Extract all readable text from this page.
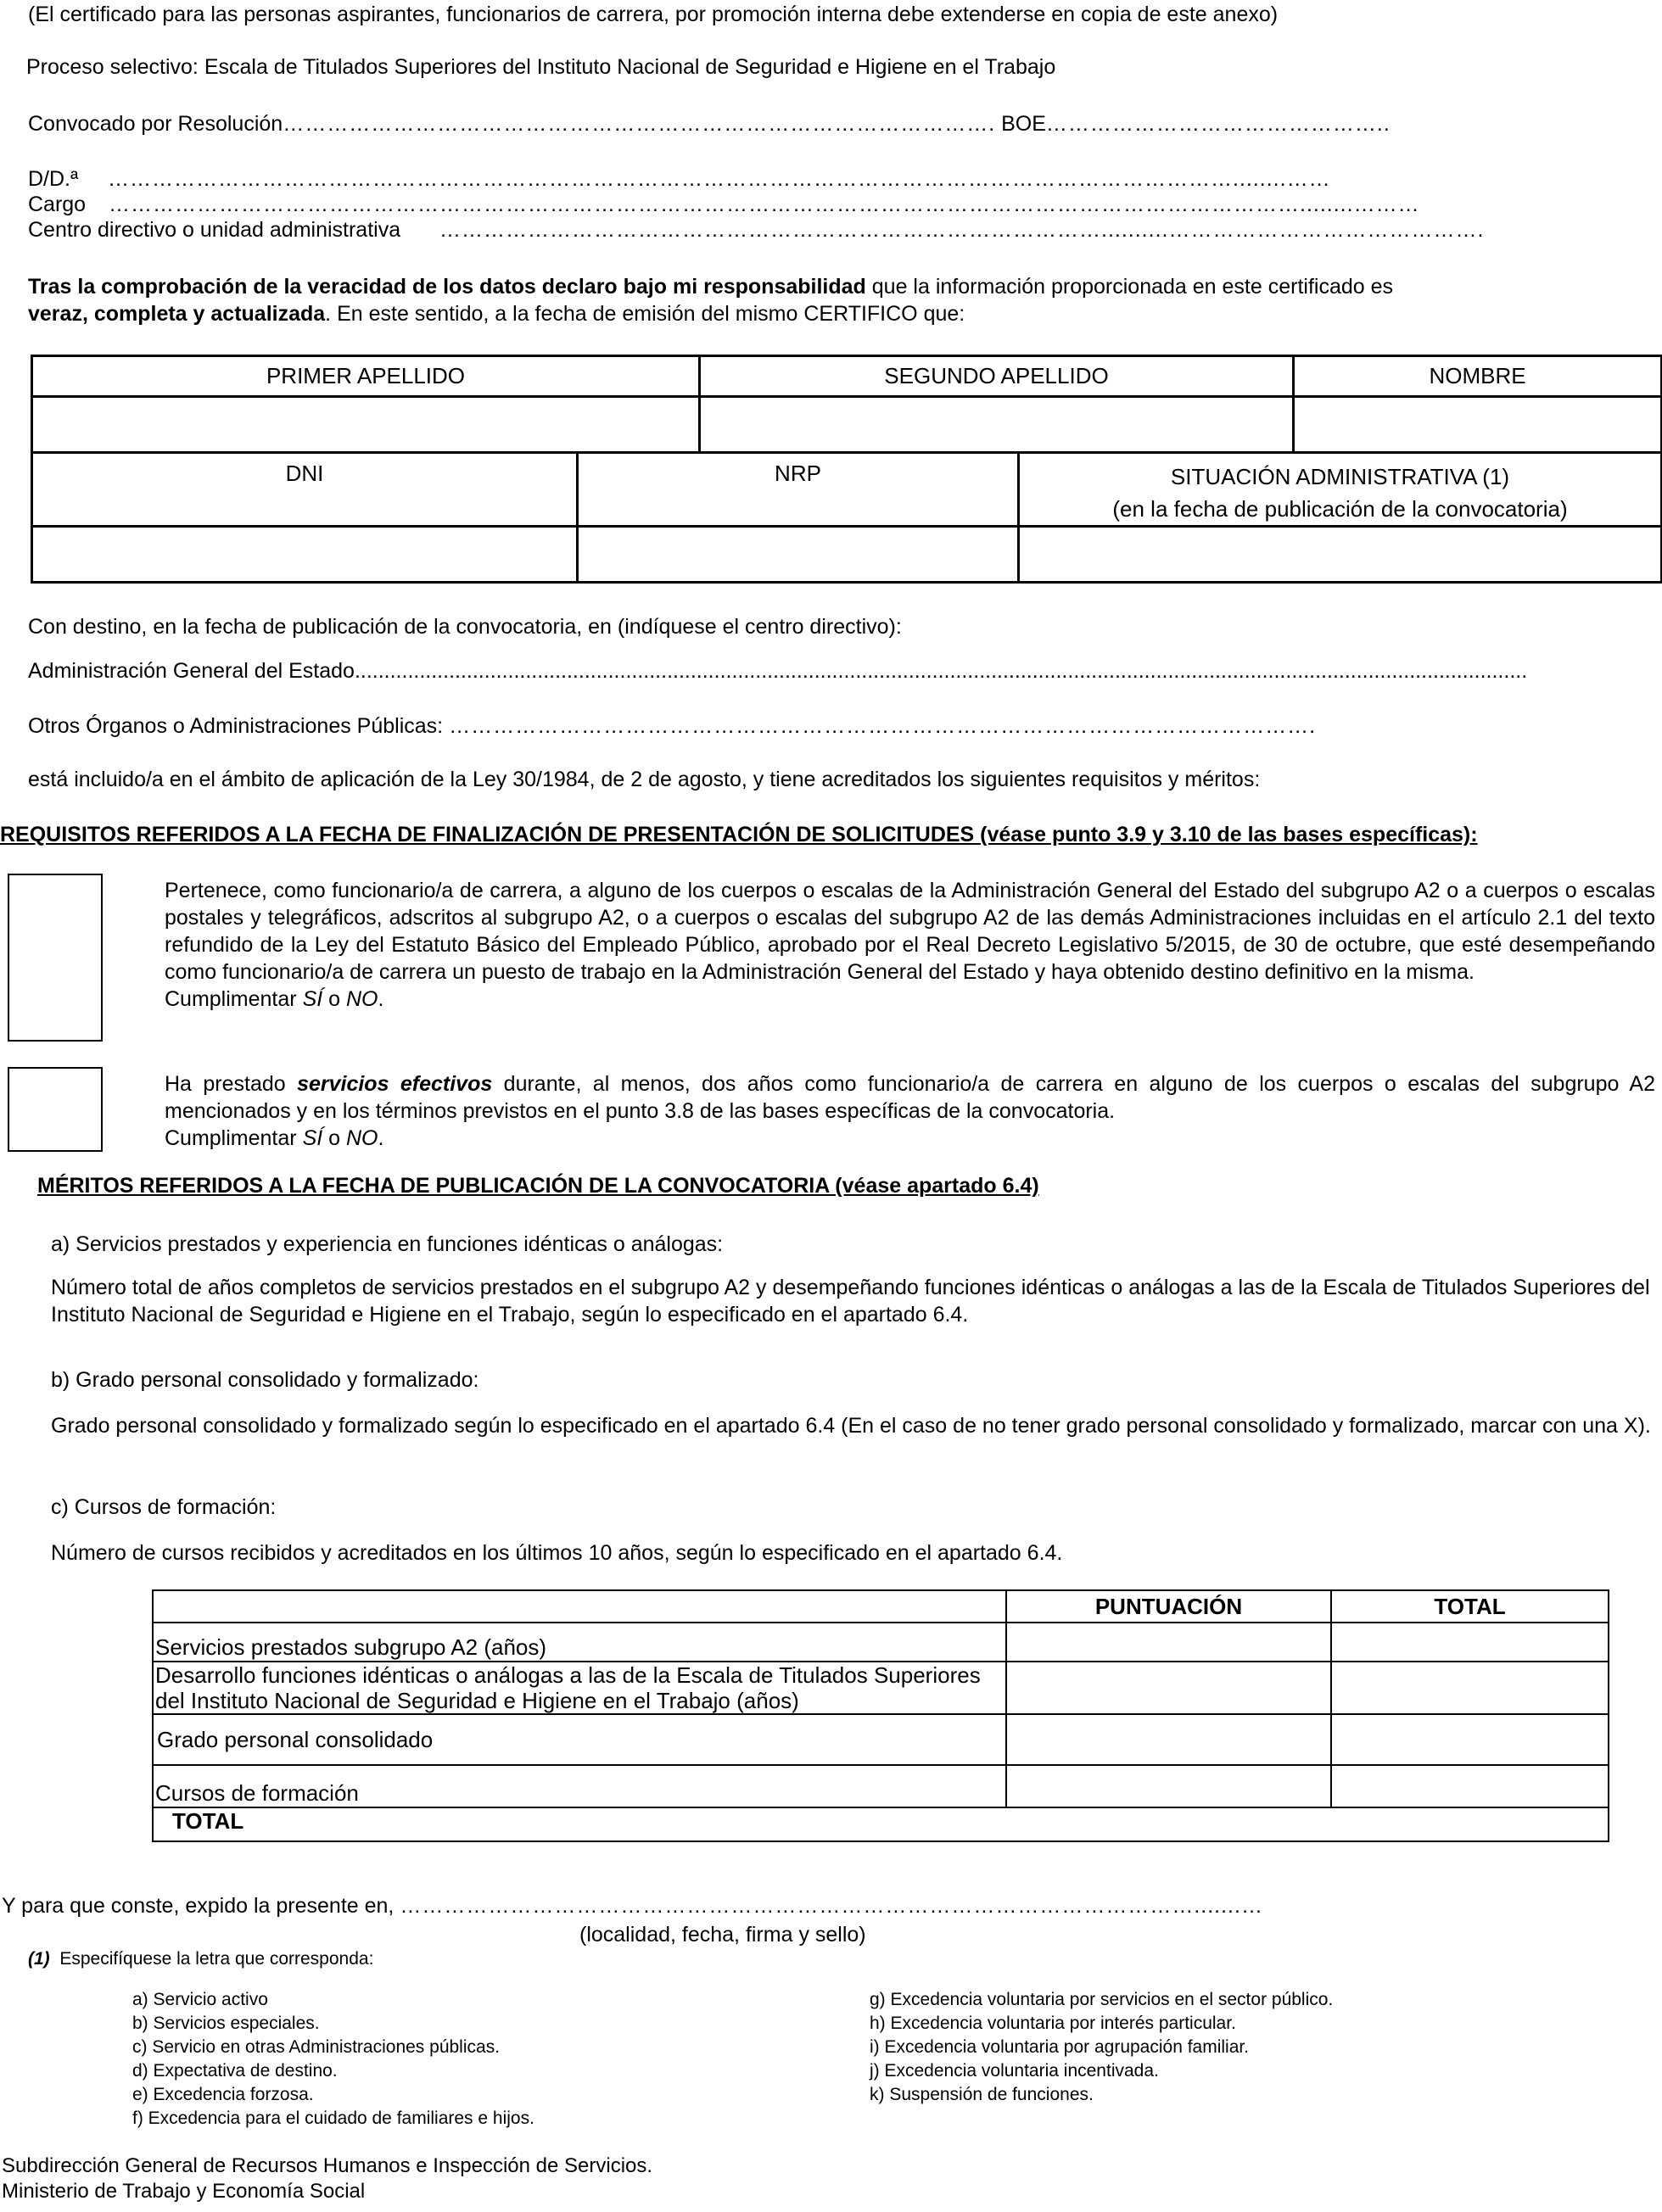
(El certificado para las personas aspirantes, funcionarios de carrera, por promoción interna debe extenderse en copia de este anexo)
Proceso selectivo: Escala de Titulados Superiores del Instituto Nacional de Seguridad e Higiene en el Trabajo
Convocado por Resolución……………………………………………………………………………………. BOE………………………………………..
D/D.ª ………………………………………………………………………………………………………………………………………........……
Cargo ………………………………………………………………………………………………………………………………………………........………
Centro directivo o unidad administrativa ………………………………………………………………………………..........…………………………………….
Tras la comprobación de la veracidad de los datos declaro bajo mi responsabilidad que la información proporcionada en este certificado es veraz, completa y actualizada. En este sentido, a la fecha de emisión del mismo CERTIFICO que:
PRIMER APELLIDO	SEGUNDO APELLIDO	NOMBRE

DNI	NRP	SITUACIÓN ADMINISTRATIVA (1)
(en la fecha de publicación de la convocatoria)

Con destino, en la fecha de publicación de la convocatoria, en (indíquese el centro directivo):
Administración General del Estado.......................................................................................................................................................................................................
Otros Órganos o Administraciones Públicas: ……………………………………………………………………………………………………….
está incluido/a en el ámbito de aplicación de la Ley 30/1984, de 2 de agosto, y tiene acreditados los siguientes requisitos y méritos:
REQUISITOS REFERIDOS A LA FECHA DE FINALIZACIÓN DE PRESENTACIÓN DE SOLICITUDES (véase punto 3.9 y 3.10 de las bases específicas):
Pertenece, como funcionario/a de carrera, a alguno de los cuerpos o escalas de la Administración General del Estado del subgrupo A2 o a cuerpos o escalas postales y telegráficos, adscritos al subgrupo A2, o a cuerpos o escalas del subgrupo A2 de las demás Administraciones incluidas en el artículo 2.1 del texto refundido de la Ley del Estatuto Básico del Empleado Público, aprobado por el Real Decreto Legislativo 5/2015, de 30 de octubre, que esté desempeñando como funcionario/a de carrera un puesto de trabajo en la Administración General del Estado y haya obtenido destino definitivo en la misma.
Cumplimentar SÍ o NO.
Ha prestado servicios efectivos durante, al menos, dos años como funcionario/a de carrera en alguno de los cuerpos o escalas del subgrupo A2 mencionados y en los términos previstos en el punto 3.8 de las bases específicas de la convocatoria.
Cumplimentar SÍ o NO.
MÉRITOS REFERIDOS A LA FECHA DE PUBLICACIÓN DE LA CONVOCATORIA (véase apartado 6.4)
a) Servicios prestados y experiencia en funciones idénticas o análogas:
Número total de años completos de servicios prestados en el subgrupo A2 y desempeñando funciones idénticas o análogas a las de la Escala de Titulados Superiores del Instituto Nacional de Seguridad e Higiene en el Trabajo, según lo especificado en el apartado 6.4.
b) Grado personal consolidado y formalizado:
Grado personal consolidado y formalizado según lo especificado en el apartado 6.4 (En el caso de no tener grado personal consolidado y formalizado, marcar con una X).
c) Cursos de formación:
Número de cursos recibidos y acreditados en los últimos 10 años, según lo especificado en el apartado 6.4.
	PUNTUACIÓN	TOTAL
Servicios prestados subgrupo A2 (años)		
Desarrollo funciones idénticas o análogas a las de la Escala de Titulados Superiores del Instituto Nacional de Seguridad e Higiene en el Trabajo (años)		
Grado personal consolidado		
Cursos de formación		
TOTAL		
Y para que conste, expido la presente en, ……………………………………………………………………………………………….......…
(localidad, fecha, firma y sello)
(1) Especifíquese la letra que corresponda:
a) Servicio activo
b) Servicios especiales.
c) Servicio en otras Administraciones públicas.
d) Expectativa de destino.
e) Excedencia forzosa.
f) Excedencia para el cuidado de familiares e hijos.
g) Excedencia voluntaria por servicios en el sector público.
h) Excedencia voluntaria por interés particular.
i) Excedencia voluntaria por agrupación familiar.
j) Excedencia voluntaria incentivada.
k) Suspensión de funciones.
Subdirección General de Recursos Humanos e Inspección de Servicios.
Ministerio de Trabajo y Economía Social
